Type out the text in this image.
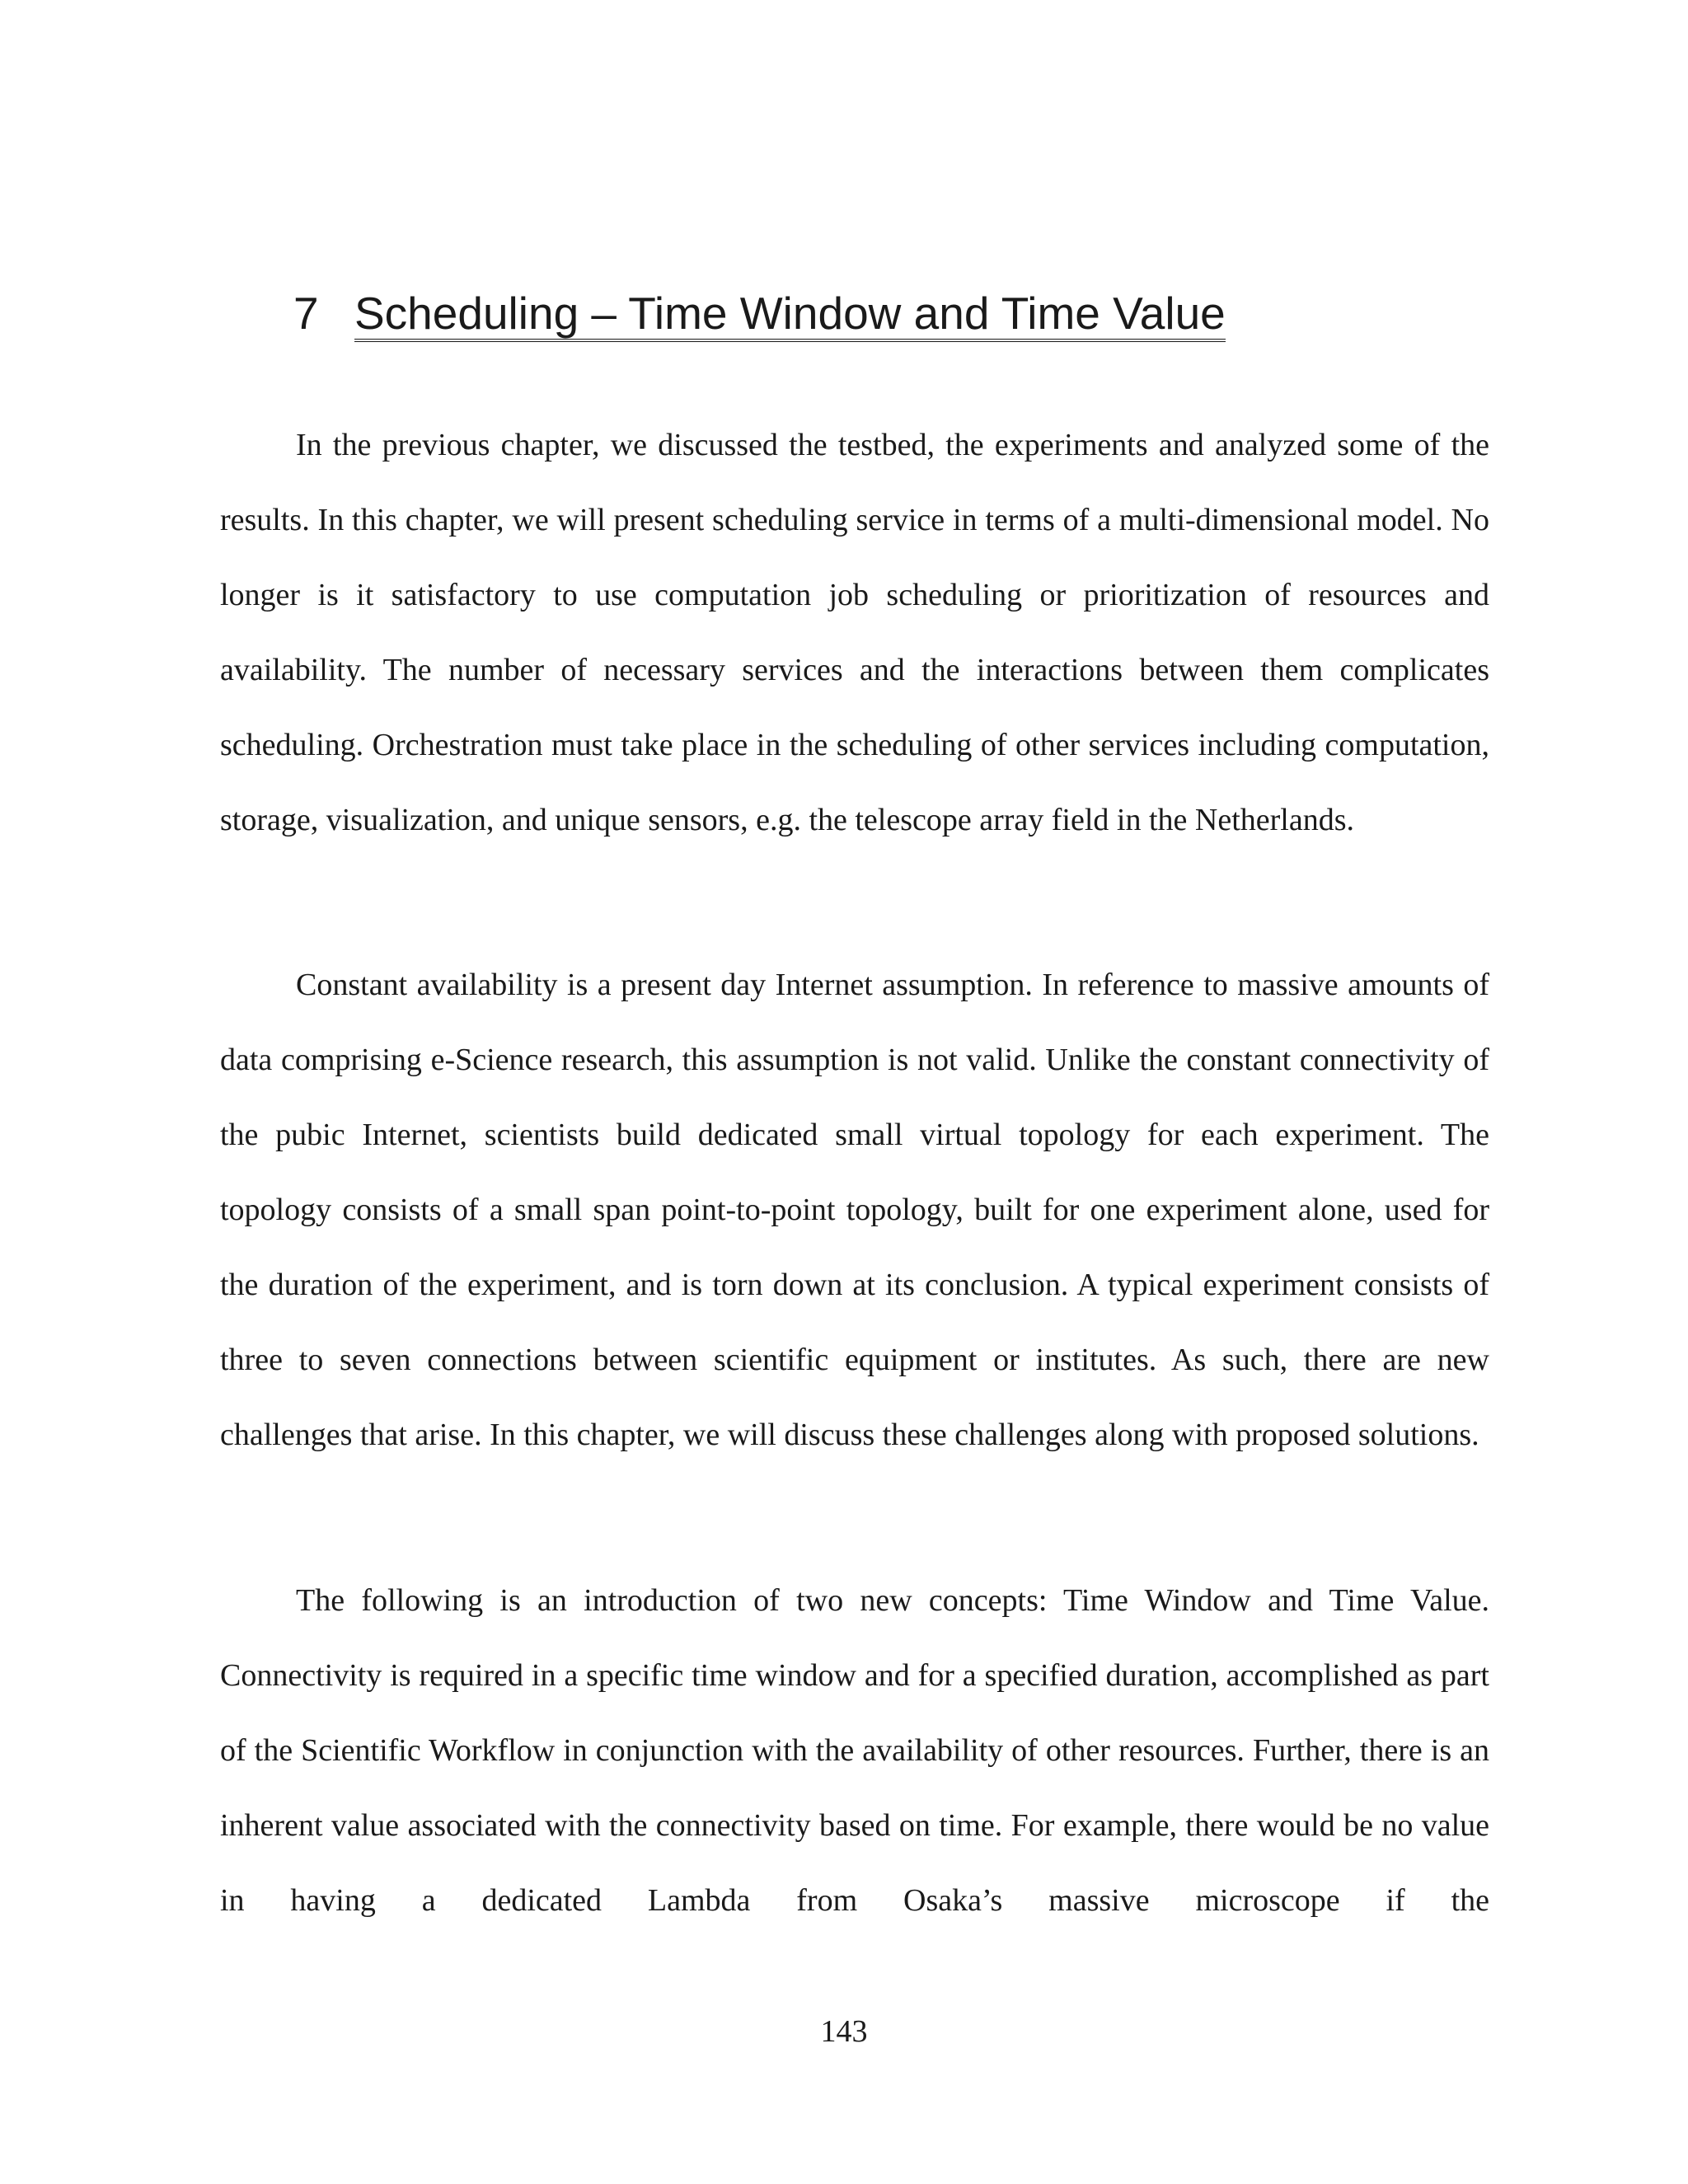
7 Scheduling – Time Window and Time Value

In the previous chapter, we discussed the testbed, the experiments and analyzed some of the results. In this chapter, we will present scheduling service in terms of a multi-dimensional model. No longer is it satisfactory to use computation job scheduling or prioritization of resources and availability. The number of necessary services and the interactions between them complicates scheduling. Orchestration must take place in the scheduling of other services including computation, storage, visualization, and unique sensors, e.g. the telescope array field in the Netherlands.

Constant availability is a present day Internet assumption. In reference to massive amounts of data comprising e-Science research, this assumption is not valid. Unlike the constant connectivity of the pubic Internet, scientists build dedicated small virtual topology for each experiment. The topology consists of a small span point-to-point topology, built for one experiment alone, used for the duration of the experiment, and is torn down at its conclusion. A typical experiment consists of three to seven connections between scientific equipment or institutes. As such, there are new challenges that arise. In this chapter, we will discuss these challenges along with proposed solutions.

The following is an introduction of two new concepts: Time Window and Time Value. Connectivity is required in a specific time window and for a specified duration, accomplished as part of the Scientific Workflow in conjunction with the availability of other resources. Further, there is an inherent value associated with the connectivity based on time. For example, there would be no value in having a dedicated Lambda from Osaka’s massive microscope if the

143
